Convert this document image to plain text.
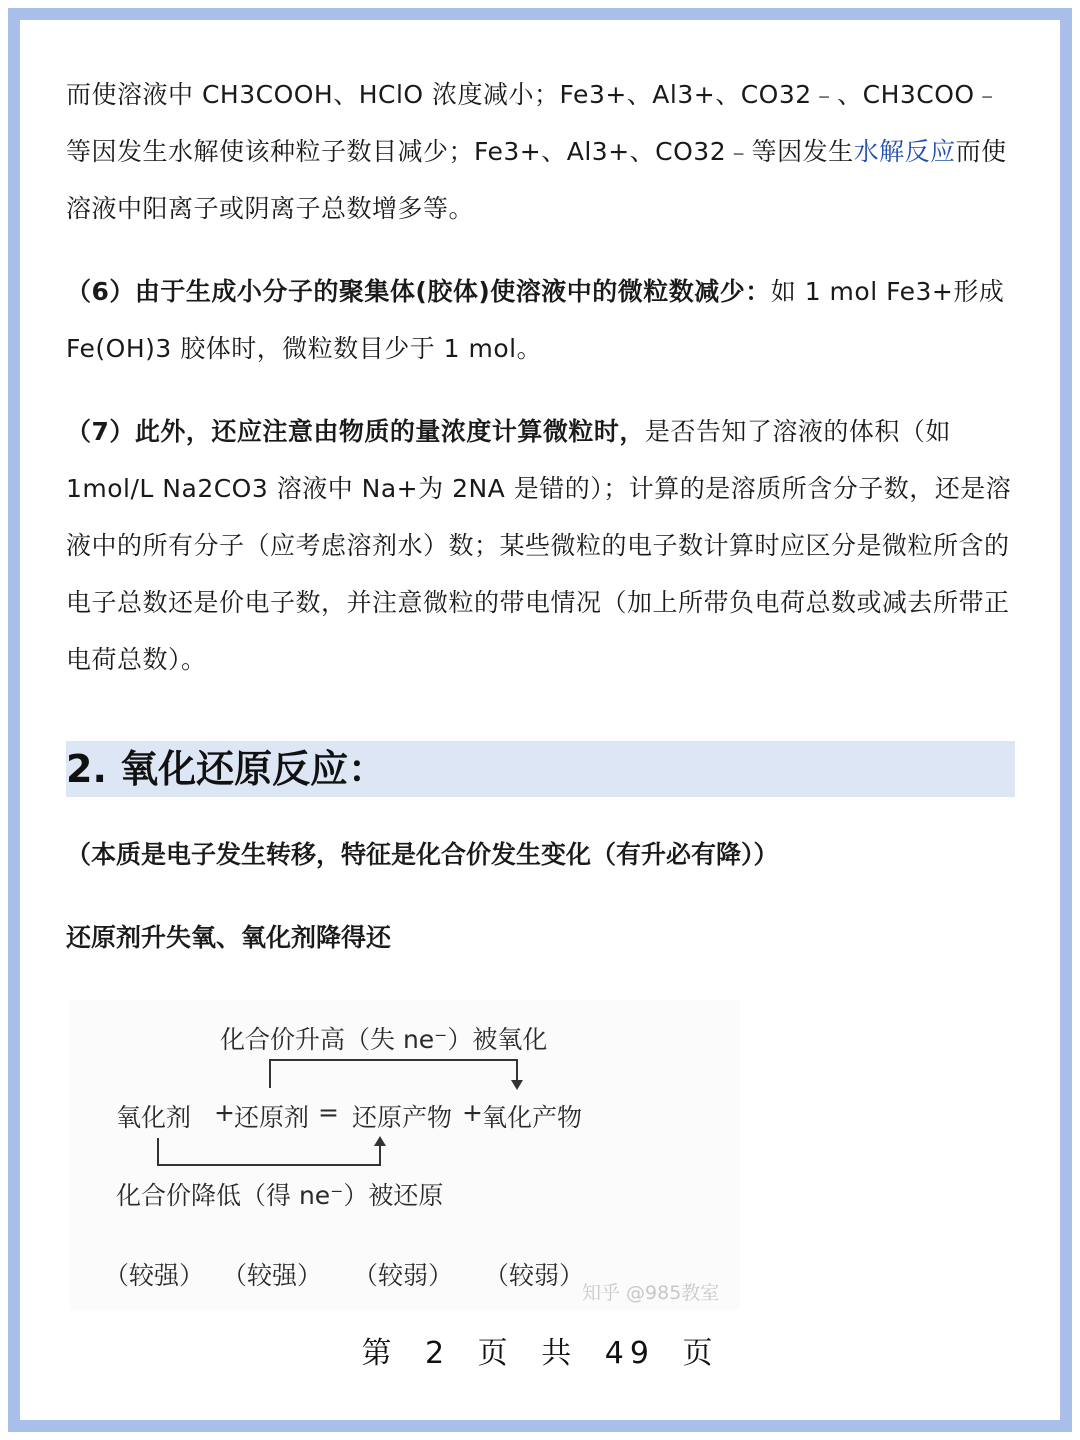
而使溶液中 CH3COOH、HClO 浓度减小；Fe3+、Al3+、CO32﹣、CH3COO﹣等因发生水解使该种粒子数目减少；Fe3+、Al3+、CO32﹣等因发生水解反应而使溶液中阳离子或阴离子总数增多等。

（6）由于生成小分子的聚集体(胶体)使溶液中的微粒数减少：如 1 mol Fe3+形成 Fe(OH)3 胶体时，微粒数目少于 1 mol。

（7）此外，还应注意由物质的量浓度计算微粒时，是否告知了溶液的体积（如 1mol/L Na2CO3 溶液中 Na+为 2NA 是错的）；计算的是溶质所含分子数，还是溶液中的所有分子（应考虑溶剂水）数；某些微粒的电子数计算时应区分是微粒所含的电子总数还是价电子数，并注意微粒的带电情况（加上所带负电荷总数或减去所带正电荷总数）。

2. 氧化还原反应：
（本质是电子发生转移，特征是化合价发生变化（有升必有降））
还原剂升失氧、氧化剂降得还
化合价升高（失 ne⁻）被氧化
氧化剂 + 还原剂 = 还原产物 + 氧化产物
化合价降低（得 ne⁻）被还原
（较强） （较强） （较弱） （较弱）
知乎 @985教室
第 2 页 共 49 页
